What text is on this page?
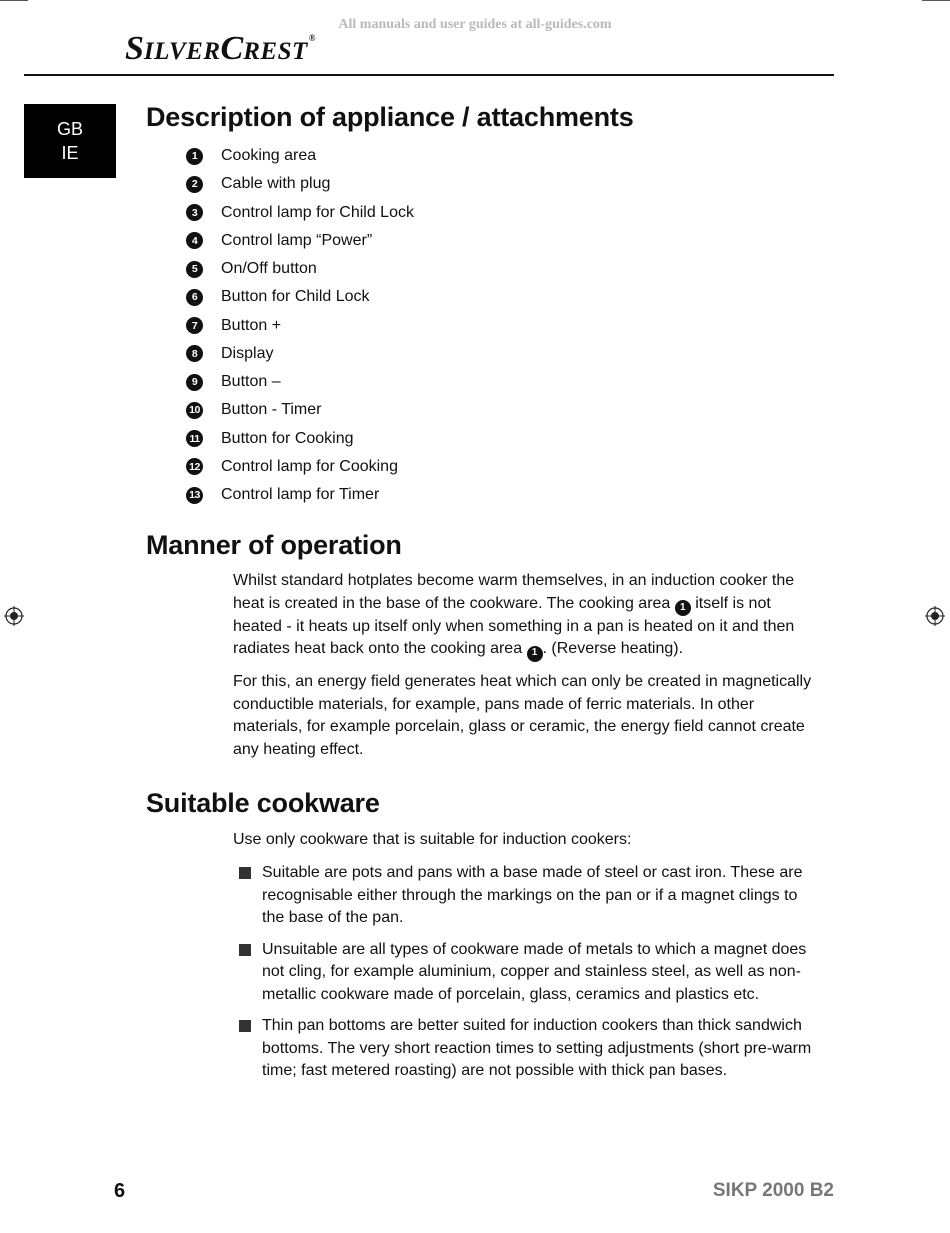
All manuals and user guides at all-guides.com
SILVERCREST®
GB
IE
Description of appliance / attachments
1	Cooking area
2	Cable with plug
3	Control lamp for Child Lock
4	Control lamp “Power”
5	On/Off button
6	Button for Child Lock
7	Button +
8	Display
9	Button –
10 Button - Timer
11 Button for Cooking
12 Control lamp for Cooking
13 Control lamp for Timer
Manner of operation

Whilst standard hotplates become warm themselves, in an induction cooker the heat is created in the base of the cookware. The cooking area 1 itself is not heated - it heats up itself only when something in a pan is heated on it and then radiates heat back onto the cooking area 1 . (Reverse heating).

For this, an energy field generates heat which can only be created in magnetically conductible materials, for example, pans made of ferric materials. In other materials, for example porcelain, glass or ceramic, the energy field cannot create any heating effect.

Suitable cookware

Use only cookware that is suitable for induction cookers:

Suitable are pots and pans with a base made of steel or cast iron. These are recognisable either through the markings on the pan or if a magnet clings to the base of the pan.
Unsuitable are all types of cookware made of metals to which a magnet does not cling, for example aluminium, copper and stainless steel, as well as non-metallic cookware made of porcelain, glass, ceramics and plastics etc.
Thin pan bottoms are better suited for induction cookers than thick sandwich bottoms. The very short reaction times to setting adjustments (short pre-warm time; fast metered roasting) are not possible with thick pan bases.
6	SIKP 2000 B2
